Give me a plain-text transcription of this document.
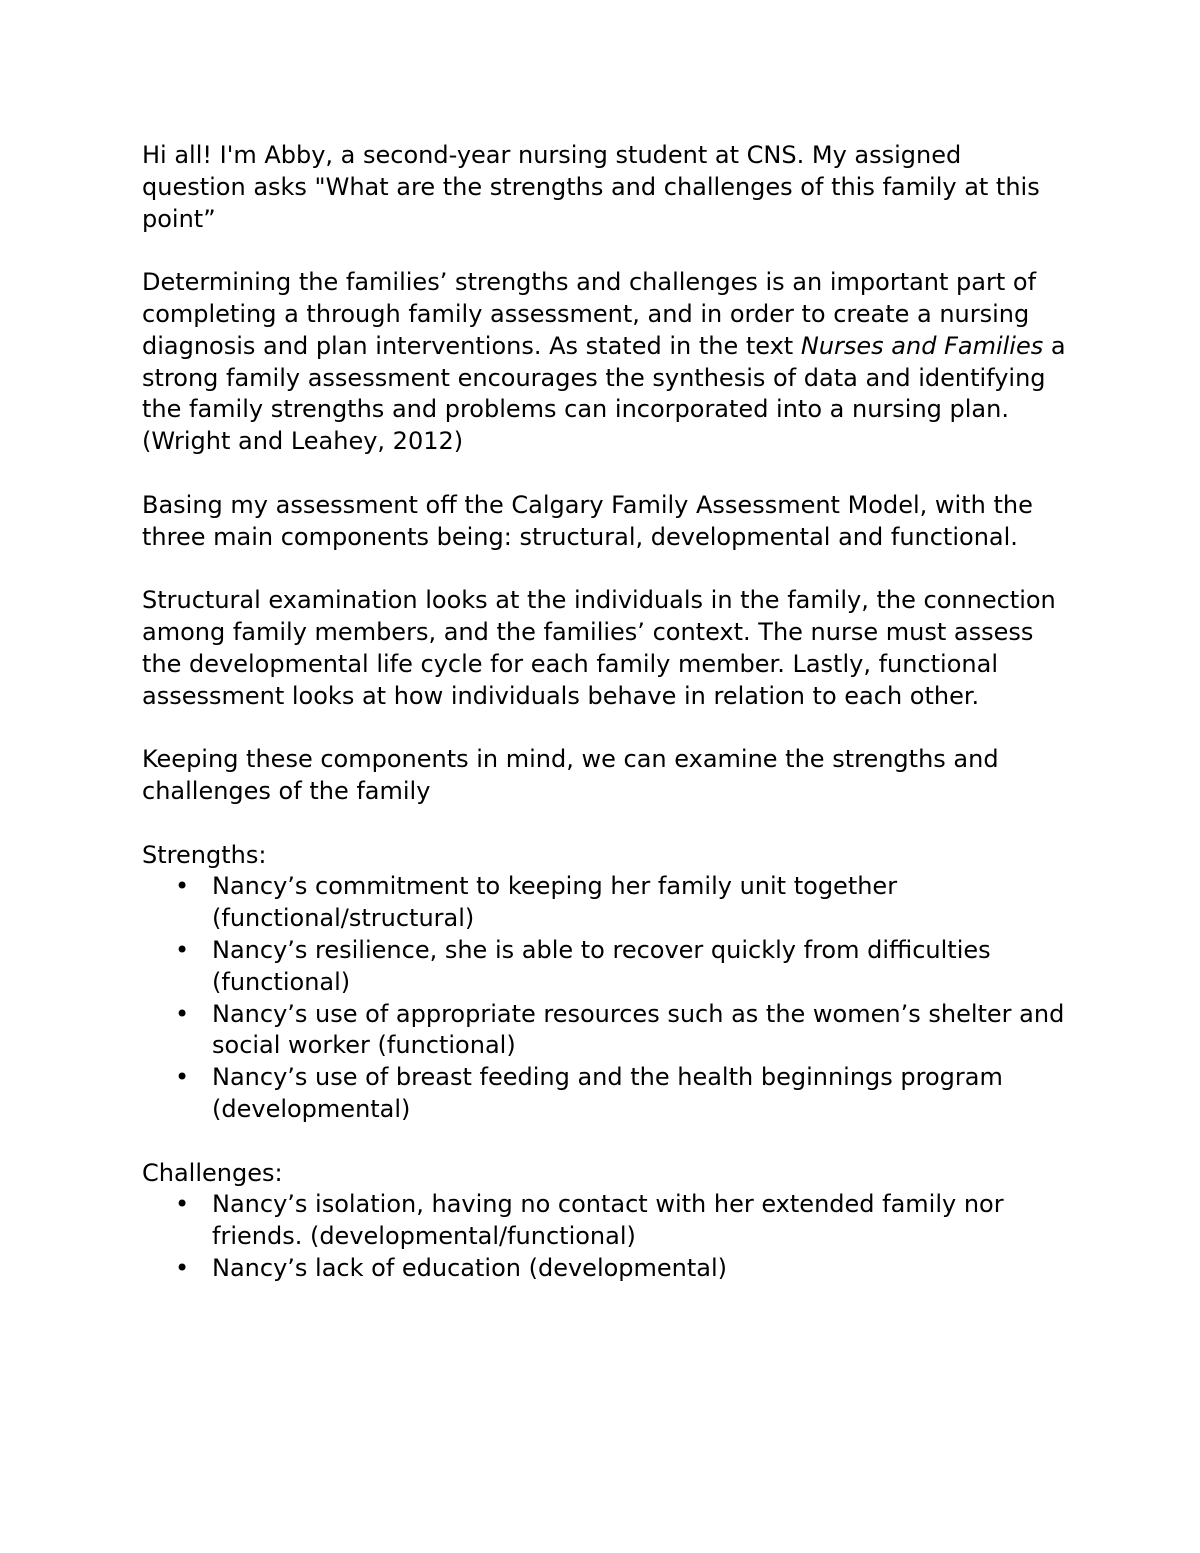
Hi all! I'm Abby, a second-year nursing student at CNS. My assigned question asks "What are the strengths and challenges of this family at this point”

Determining the families’ strengths and challenges is an important part of completing a through family assessment, and in order to create a nursing diagnosis and plan interventions. As stated in the text Nurses and Families a strong family assessment encourages the synthesis of data and identifying the family strengths and problems can incorporated into a nursing plan. (Wright and Leahey, 2012)

Basing my assessment off the Calgary Family Assessment Model, with the three main components being: structural, developmental and functional.

Structural examination looks at the individuals in the family, the connection among family members, and the families’ context. The nurse must assess the developmental life cycle for each family member. Lastly, functional assessment looks at how individuals behave in relation to each other.

Keeping these components in mind, we can examine the strengths and challenges of the family

Strengths:

• Nancy’s commitment to keeping her family unit together (functional/structural)
• Nancy’s resilience, she is able to recover quickly from difficulties (functional)
• Nancy’s use of appropriate resources such as the women’s shelter and social worker (functional)
• Nancy’s use of breast feeding and the health beginnings program (developmental)

Challenges:

• Nancy’s isolation, having no contact with her extended family nor friends. (developmental/functional)
• Nancy’s lack of education (developmental)
